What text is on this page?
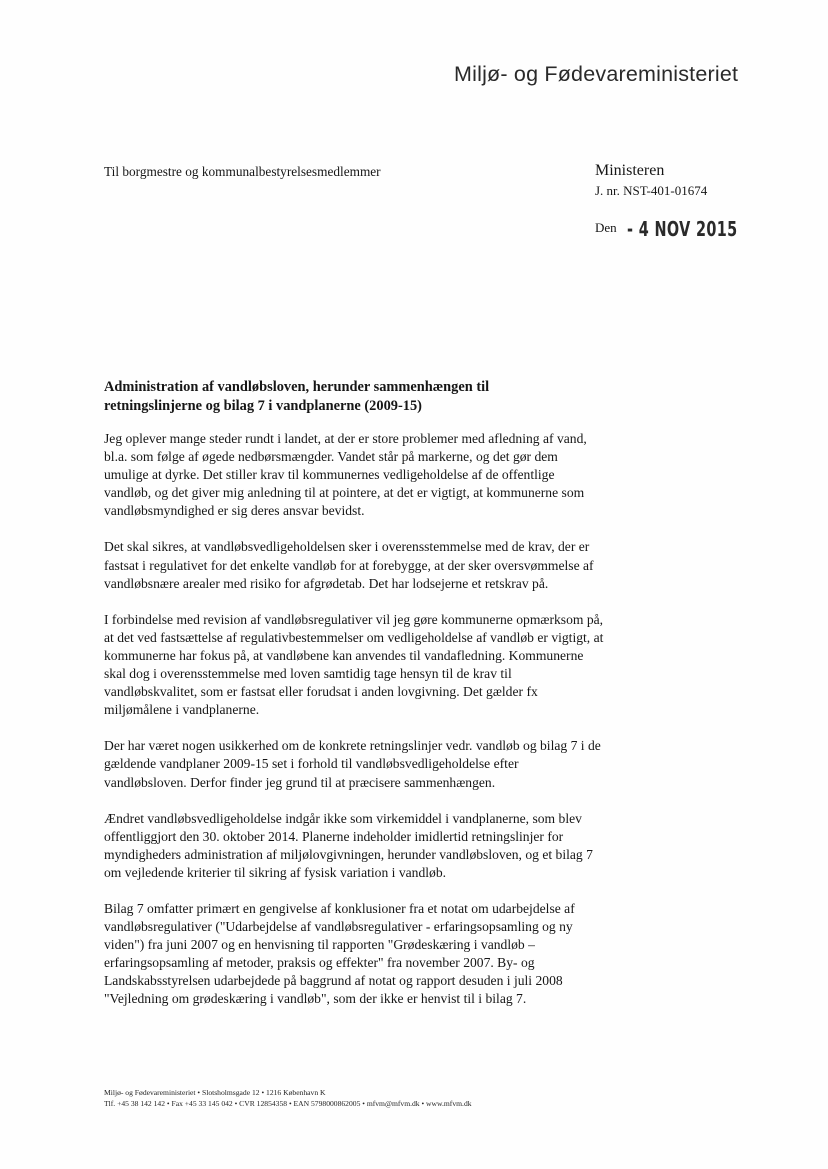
Miljø- og Fødevareministeriet
Til borgmestre og kommunalbestyrelsesmedlemmer	Ministeren
J. nr. NST-401-01674
$^{Den}$ - 4 NOV 2015
Administration af vandløbsloven, herunder sammenhængen til retningslinjerne og bilag 7 i vandplanerne (2009-15)

Jeg oplever mange steder rundt i landet, at der er store problemer med afledning af vand, bl.a. som følge af øgede nedbørsmængder. Vandet står på markerne, og det gør dem umulige at dyrke. Det stiller krav til kommunernes vedligeholdelse af de offentlige vandløb, og det giver mig anledning til at pointere, at det er vigtigt, at kommunerne som vandløbsmyndighed er sig deres ansvar bevidst.

Det skal sikres, at vandløbsvedligeholdelsen sker i overensstemmelse med de krav, der er fastsat i regulativet for det enkelte vandløb for at forebygge, at der sker oversvømmelse af vandløbsnære arealer med risiko for afgrødetab. Det har lodsejerne et retskrav på.

I forbindelse med revision af vandløbsregulativer vil jeg gøre kommunerne opmærksom på, at det ved fastsættelse af regulativbestemmelser om vedligeholdelse af vandløb er vigtigt, at kommunerne har fokus på, at vandløbene kan anvendes til vandafledning. Kommunerne skal dog i overensstemmelse med loven samtidig tage hensyn til de krav til vandløbskvalitet, som er fastsat eller forudsat i anden lovgivning. Det gælder fx miljømålene i vandplanerne.

Der har været nogen usikkerhed om de konkrete retningslinjer vedr. vandløb og bilag 7 i de gældende vandplaner 2009-15 set i forhold til vandløbsvedligeholdelse efter vandløbsloven. Derfor finder jeg grund til at præcisere sammenhængen.

Ændret vandløbsvedligeholdelse indgår ikke som virkemiddel i vandplanerne, som blev offentliggjort den 30. oktober 2014. Planerne indeholder imidlertid retningslinjer for myndigheders administration af miljølovgivningen, herunder vandløbsloven, og et bilag 7 om vejledende kriterier til sikring af fysisk variation i vandløb.

Bilag 7 omfatter primært en gengivelse af konklusioner fra et notat om udarbejdelse af vandløbsregulativer ("Udarbejdelse af vandløbsregulativer - erfaringsopsamling og ny viden") fra juni 2007 og en henvisning til rapporten "Grødeskæring i vandløb – erfaringsopsamling af metoder, praksis og effekter" fra november 2007. By- og Landskabsstyrelsen udarbejdede på baggrund af notat og rapport desuden i juli 2008 "Vejledning om grødeskæring i vandløb", som der ikke er henvist til i bilag 7.

Miljø- og Fødevareministeriet • Slotsholmsgade 12 • 1216 København K
Tlf. +45 38 142 142 • Fax +45 33 145 042 • CVR 12854358 • EAN 5798000862005 • mfvm@mfvm.dk • www.mfvm.dk
